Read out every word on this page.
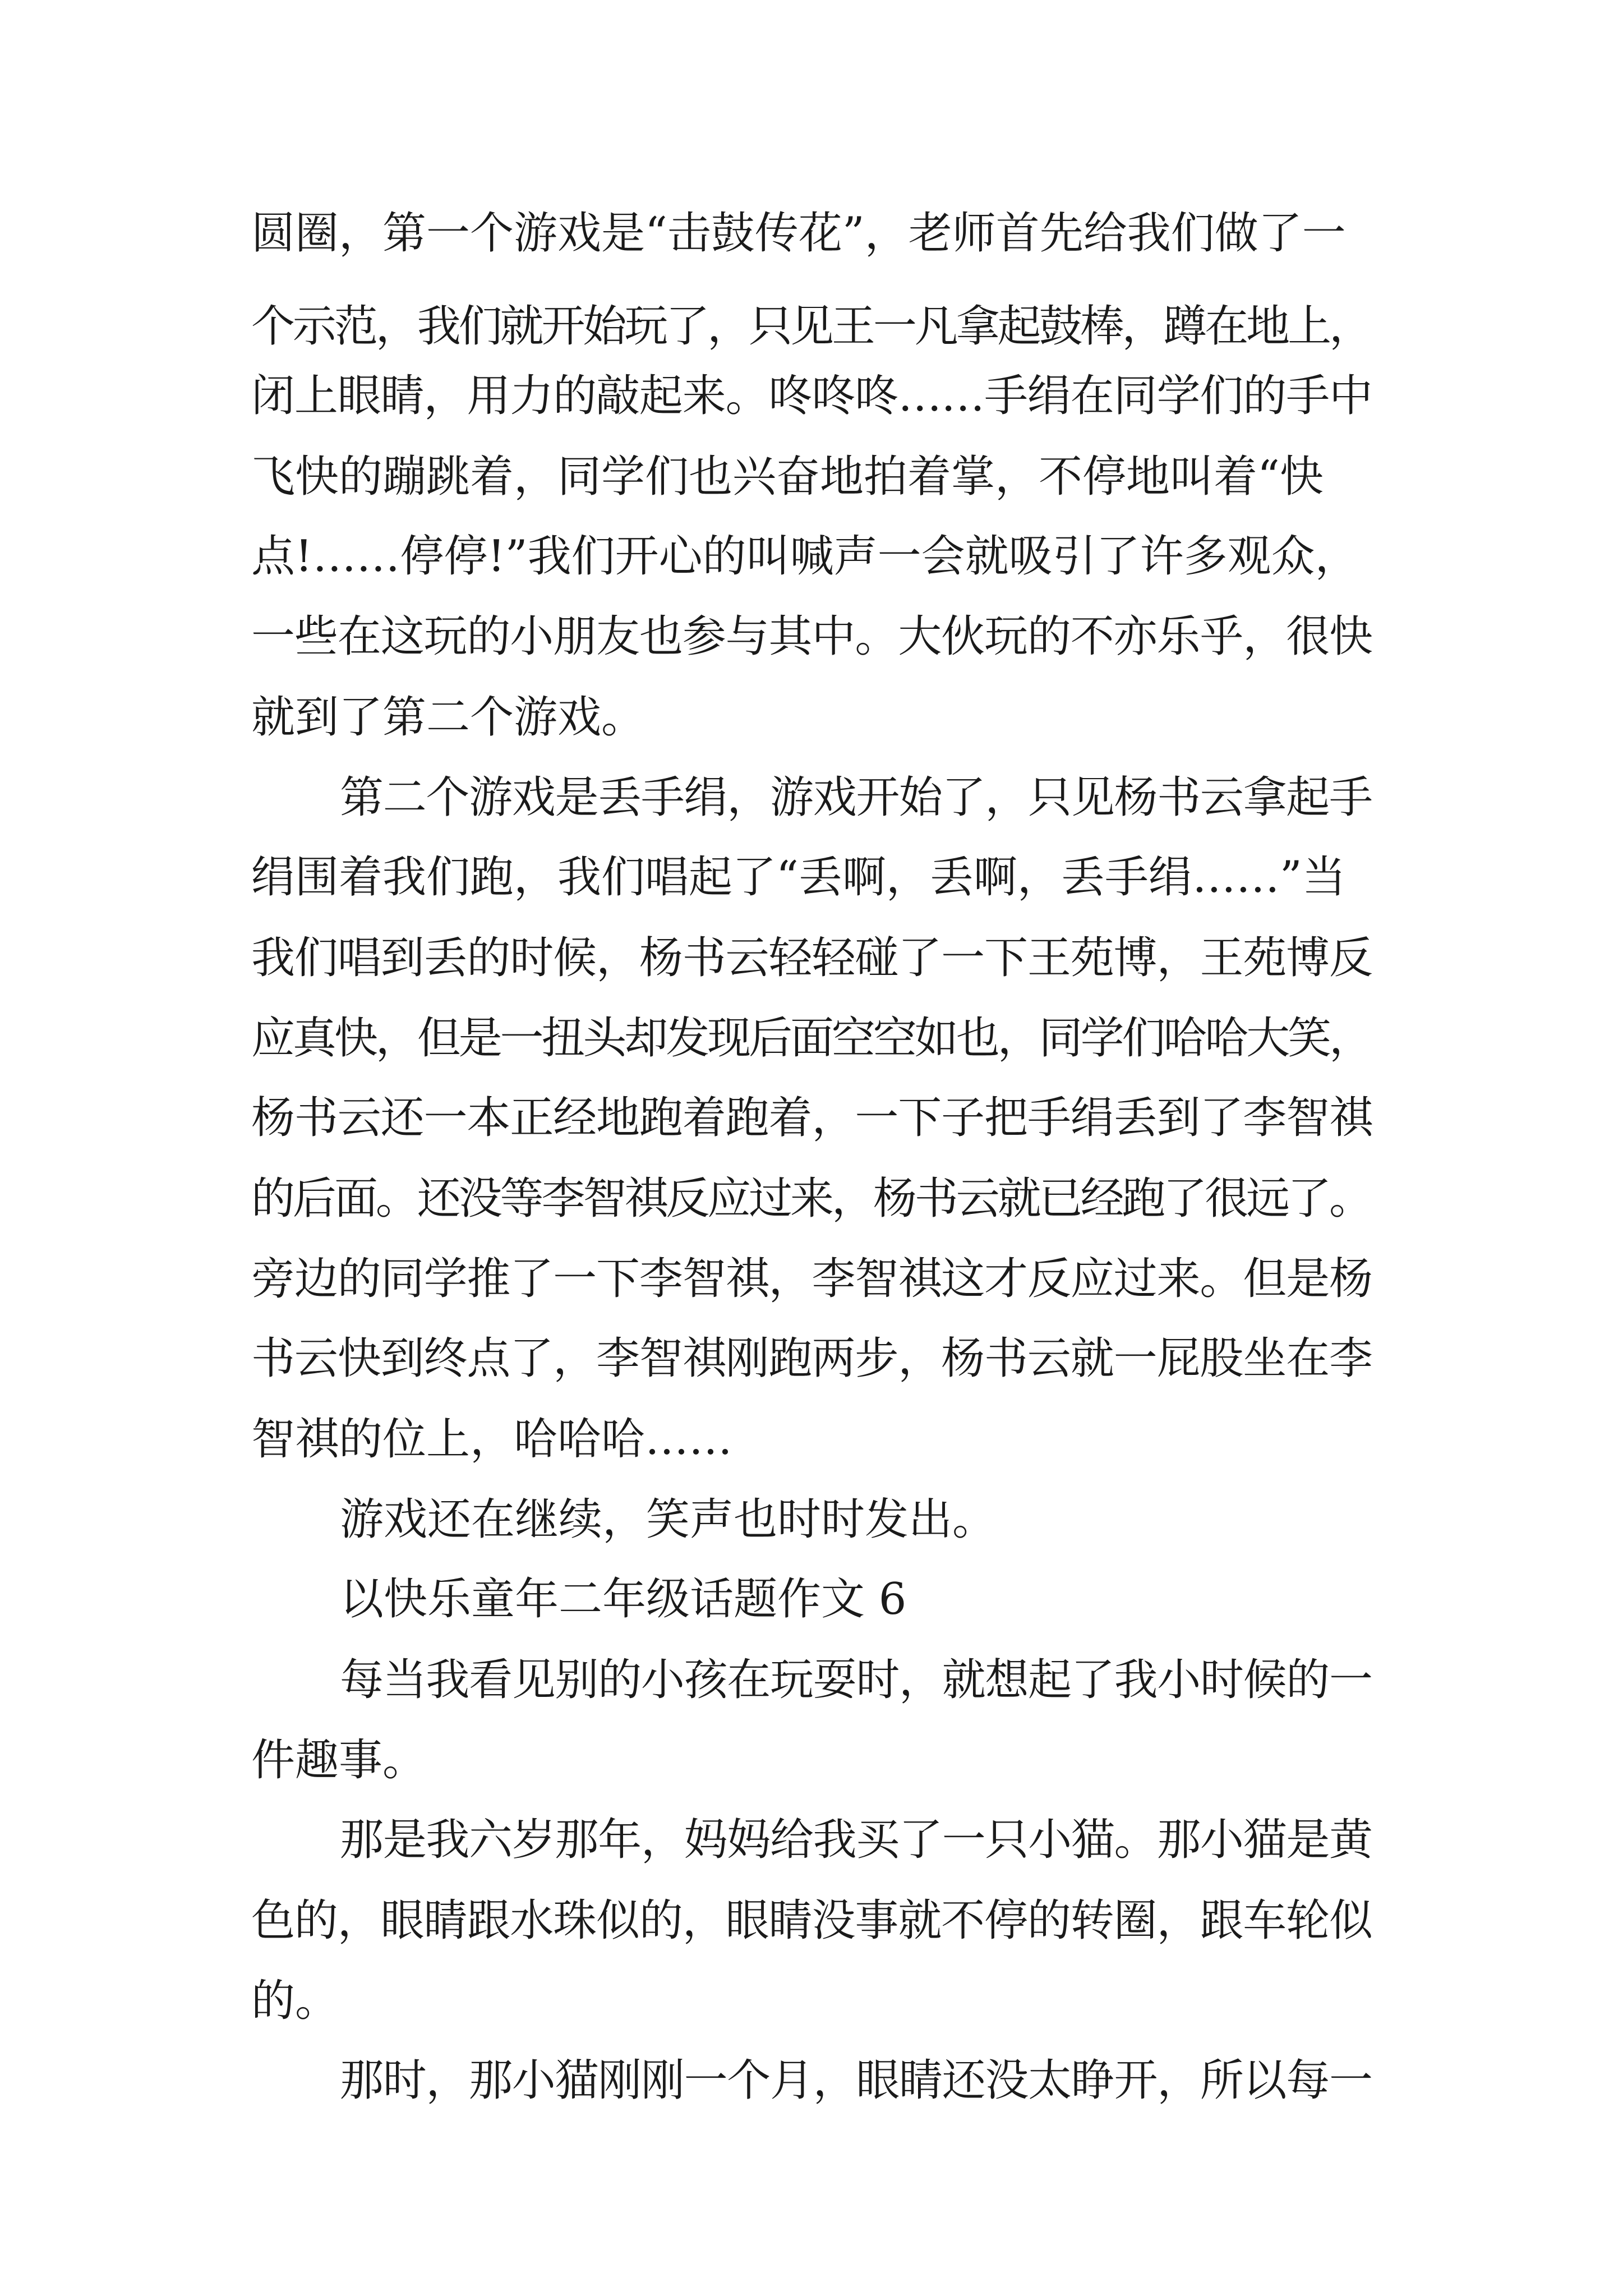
圆圈，第一个游戏是“击鼓传花”，老师首先给我们做了一
个示范，我们就开始玩了，只见王一凡拿起鼓棒，蹲在地上，
闭上眼睛，用力的敲起来。咚咚咚……手绢在同学们的手中
飞快的蹦跳着，同学们也兴奋地拍着掌，不停地叫着“快
点!……停停!”我们开心的叫喊声一会就吸引了许多观众，
一些在这玩的小朋友也参与其中。大伙玩的不亦乐乎，很快
就到了第二个游戏。
第二个游戏是丢手绢，游戏开始了，只见杨书云拿起手
绢围着我们跑，我们唱起了“丢啊，丢啊，丢手绢……”当
我们唱到丢的时候，杨书云轻轻碰了一下王苑博，王苑博反
应真快，但是一扭头却发现后面空空如也，同学们哈哈大笑，
杨书云还一本正经地跑着跑着，一下子把手绢丢到了李智祺
的后面。还没等李智祺反应过来，杨书云就已经跑了很远了。
旁边的同学推了一下李智祺，李智祺这才反应过来。但是杨
书云快到终点了，李智祺刚跑两步，杨书云就一屁股坐在李
智祺的位上，哈哈哈……
游戏还在继续，笑声也时时发出。
以快乐童年二年级话题作文 6
每当我看见别的小孩在玩耍时，就想起了我小时候的一
件趣事。
那是我六岁那年，妈妈给我买了一只小猫。那小猫是黄
色的，眼睛跟水珠似的，眼睛没事就不停的转圈，跟车轮似
的。
那时，那小猫刚刚一个月，眼睛还没太睁开，所以每一
